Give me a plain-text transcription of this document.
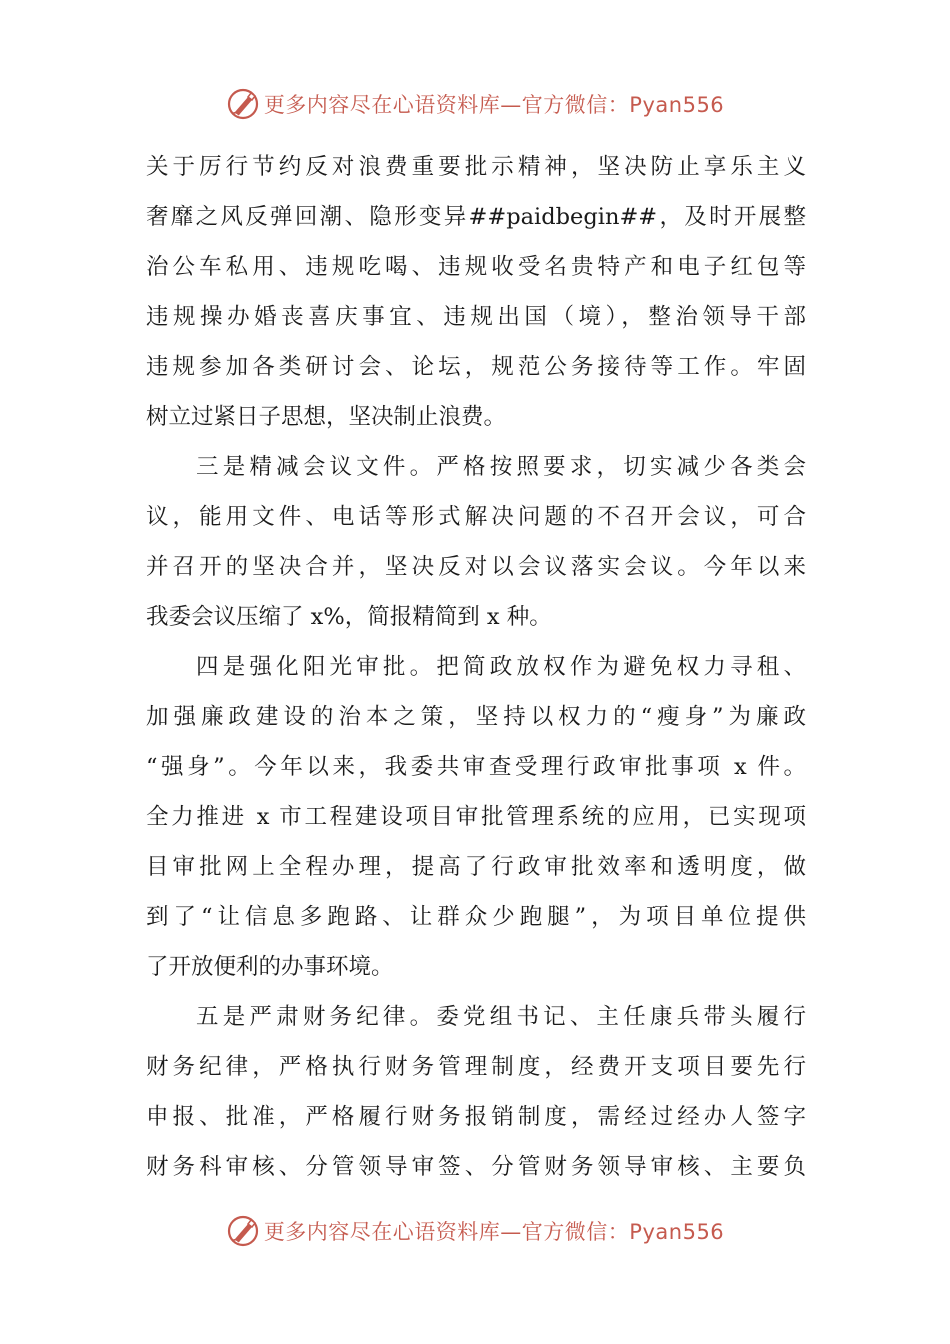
更多内容尽在心语资料库—官方微信：Pyan556
关于厉行节约反对浪费重要批示精神，坚决防止享乐主义
奢靡之风反弹回潮、隐形变异##paidbegin##，及时开展整
治公车私用、违规吃喝、违规收受名贵特产和电子红包等
违规操办婚丧喜庆事宜、违规出国（境），整治领导干部
违规参加各类研讨会、论坛，规范公务接待等工作。牢固
树立过紧日子思想，坚决制止浪费。
三是精减会议文件。严格按照要求，切实减少各类会
议，能用文件、电话等形式解决问题的不召开会议，可合
并召开的坚决合并，坚决反对以会议落实会议。今年以来
我委会议压缩了 x%，简报精简到 x 种。
四是强化阳光审批。把简政放权作为避免权力寻租、
加强廉政建设的治本之策，坚持以权力的“瘦身”为廉政
“强身”。今年以来，我委共审查受理行政审批事项 x 件。
全力推进 x 市工程建设项目审批管理系统的应用，已实现项
目审批网上全程办理，提高了行政审批效率和透明度，做
到了“让信息多跑路、让群众少跑腿”，为项目单位提供
了开放便利的办事环境。
五是严肃财务纪律。委党组书记、主任康兵带头履行
财务纪律，严格执行财务管理制度，经费开支项目要先行
申报、批准，严格履行财务报销制度，需经过经办人签字
财务科审核、分管领导审签、分管财务领导审核、主要负
更多内容尽在心语资料库—官方微信：Pyan556
